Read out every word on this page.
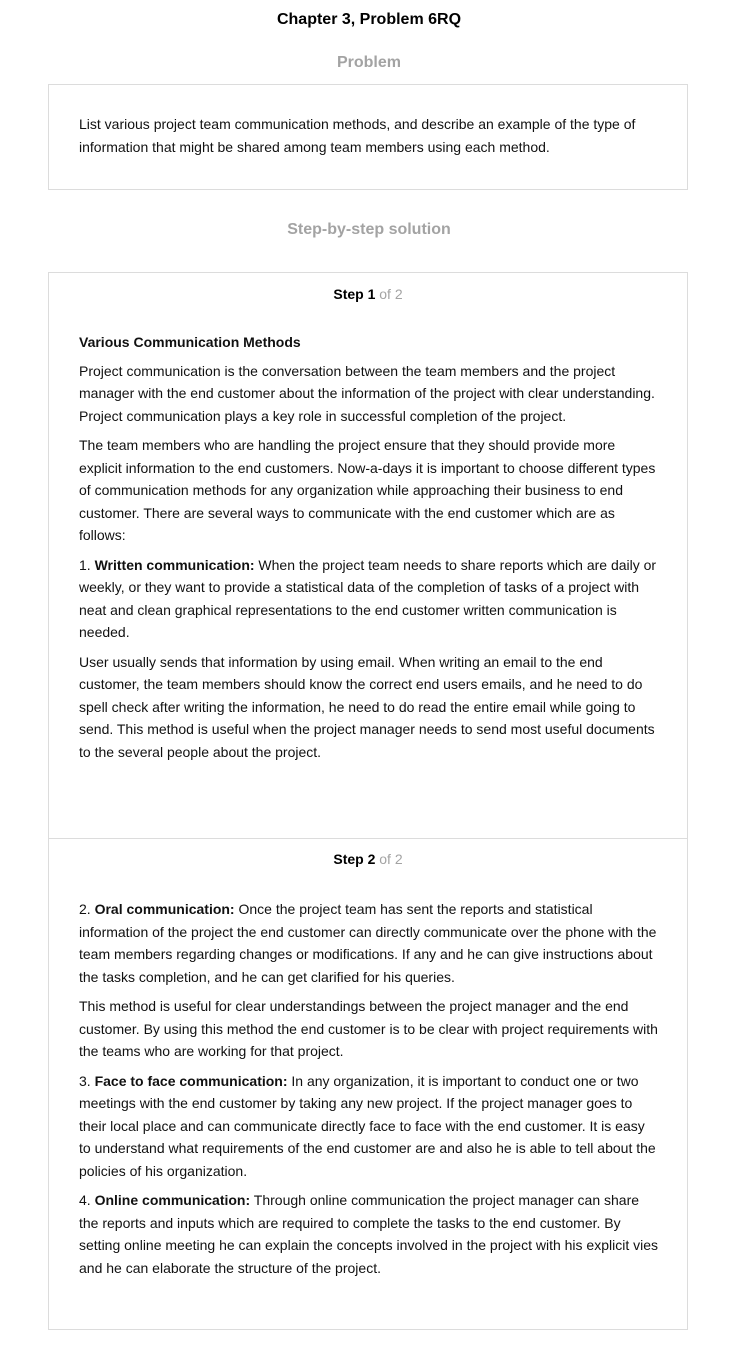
Chapter 3, Problem 6RQ
Problem
List various project team communication methods, and describe an example of the type of information that might be shared among team members using each method.
Step-by-step solution
Step 1 of 2
Various Communication Methods

Project communication is the conversation between the team members and the project manager with the end customer about the information of the project with clear understanding. Project communication plays a key role in successful completion of the project.

The team members who are handling the project ensure that they should provide more explicit information to the end customers. Now-a-days it is important to choose different types of communication methods for any organization while approaching their business to end customer. There are several ways to communicate with the end customer which are as follows:

1. Written communication: When the project team needs to share reports which are daily or weekly, or they want to provide a statistical data of the completion of tasks of a project with neat and clean graphical representations to the end customer written communication is needed.

User usually sends that information by using email. When writing an email to the end customer, the team members should know the correct end users emails, and he need to do spell check after writing the information, he need to do read the entire email while going to send. This method is useful when the project manager needs to send most useful documents to the several people about the project.

Step 2 of 2

2. Oral communication: Once the project team has sent the reports and statistical information of the project the end customer can directly communicate over the phone with the team members regarding changes or modifications. If any and he can give instructions about the tasks completion, and he can get clarified for his queries.

This method is useful for clear understandings between the project manager and the end customer. By using this method the end customer is to be clear with project requirements with the teams who are working for that project.

3. Face to face communication: In any organization, it is important to conduct one or two meetings with the end customer by taking any new project. If the project manager goes to their local place and can communicate directly face to face with the end customer. It is easy to understand what requirements of the end customer are and also he is able to tell about the policies of his organization.

4. Online communication: Through online communication the project manager can share the reports and inputs which are required to complete the tasks to the end customer. By setting online meeting he can explain the concepts involved in the project with his explicit vies and he can elaborate the structure of the project.
